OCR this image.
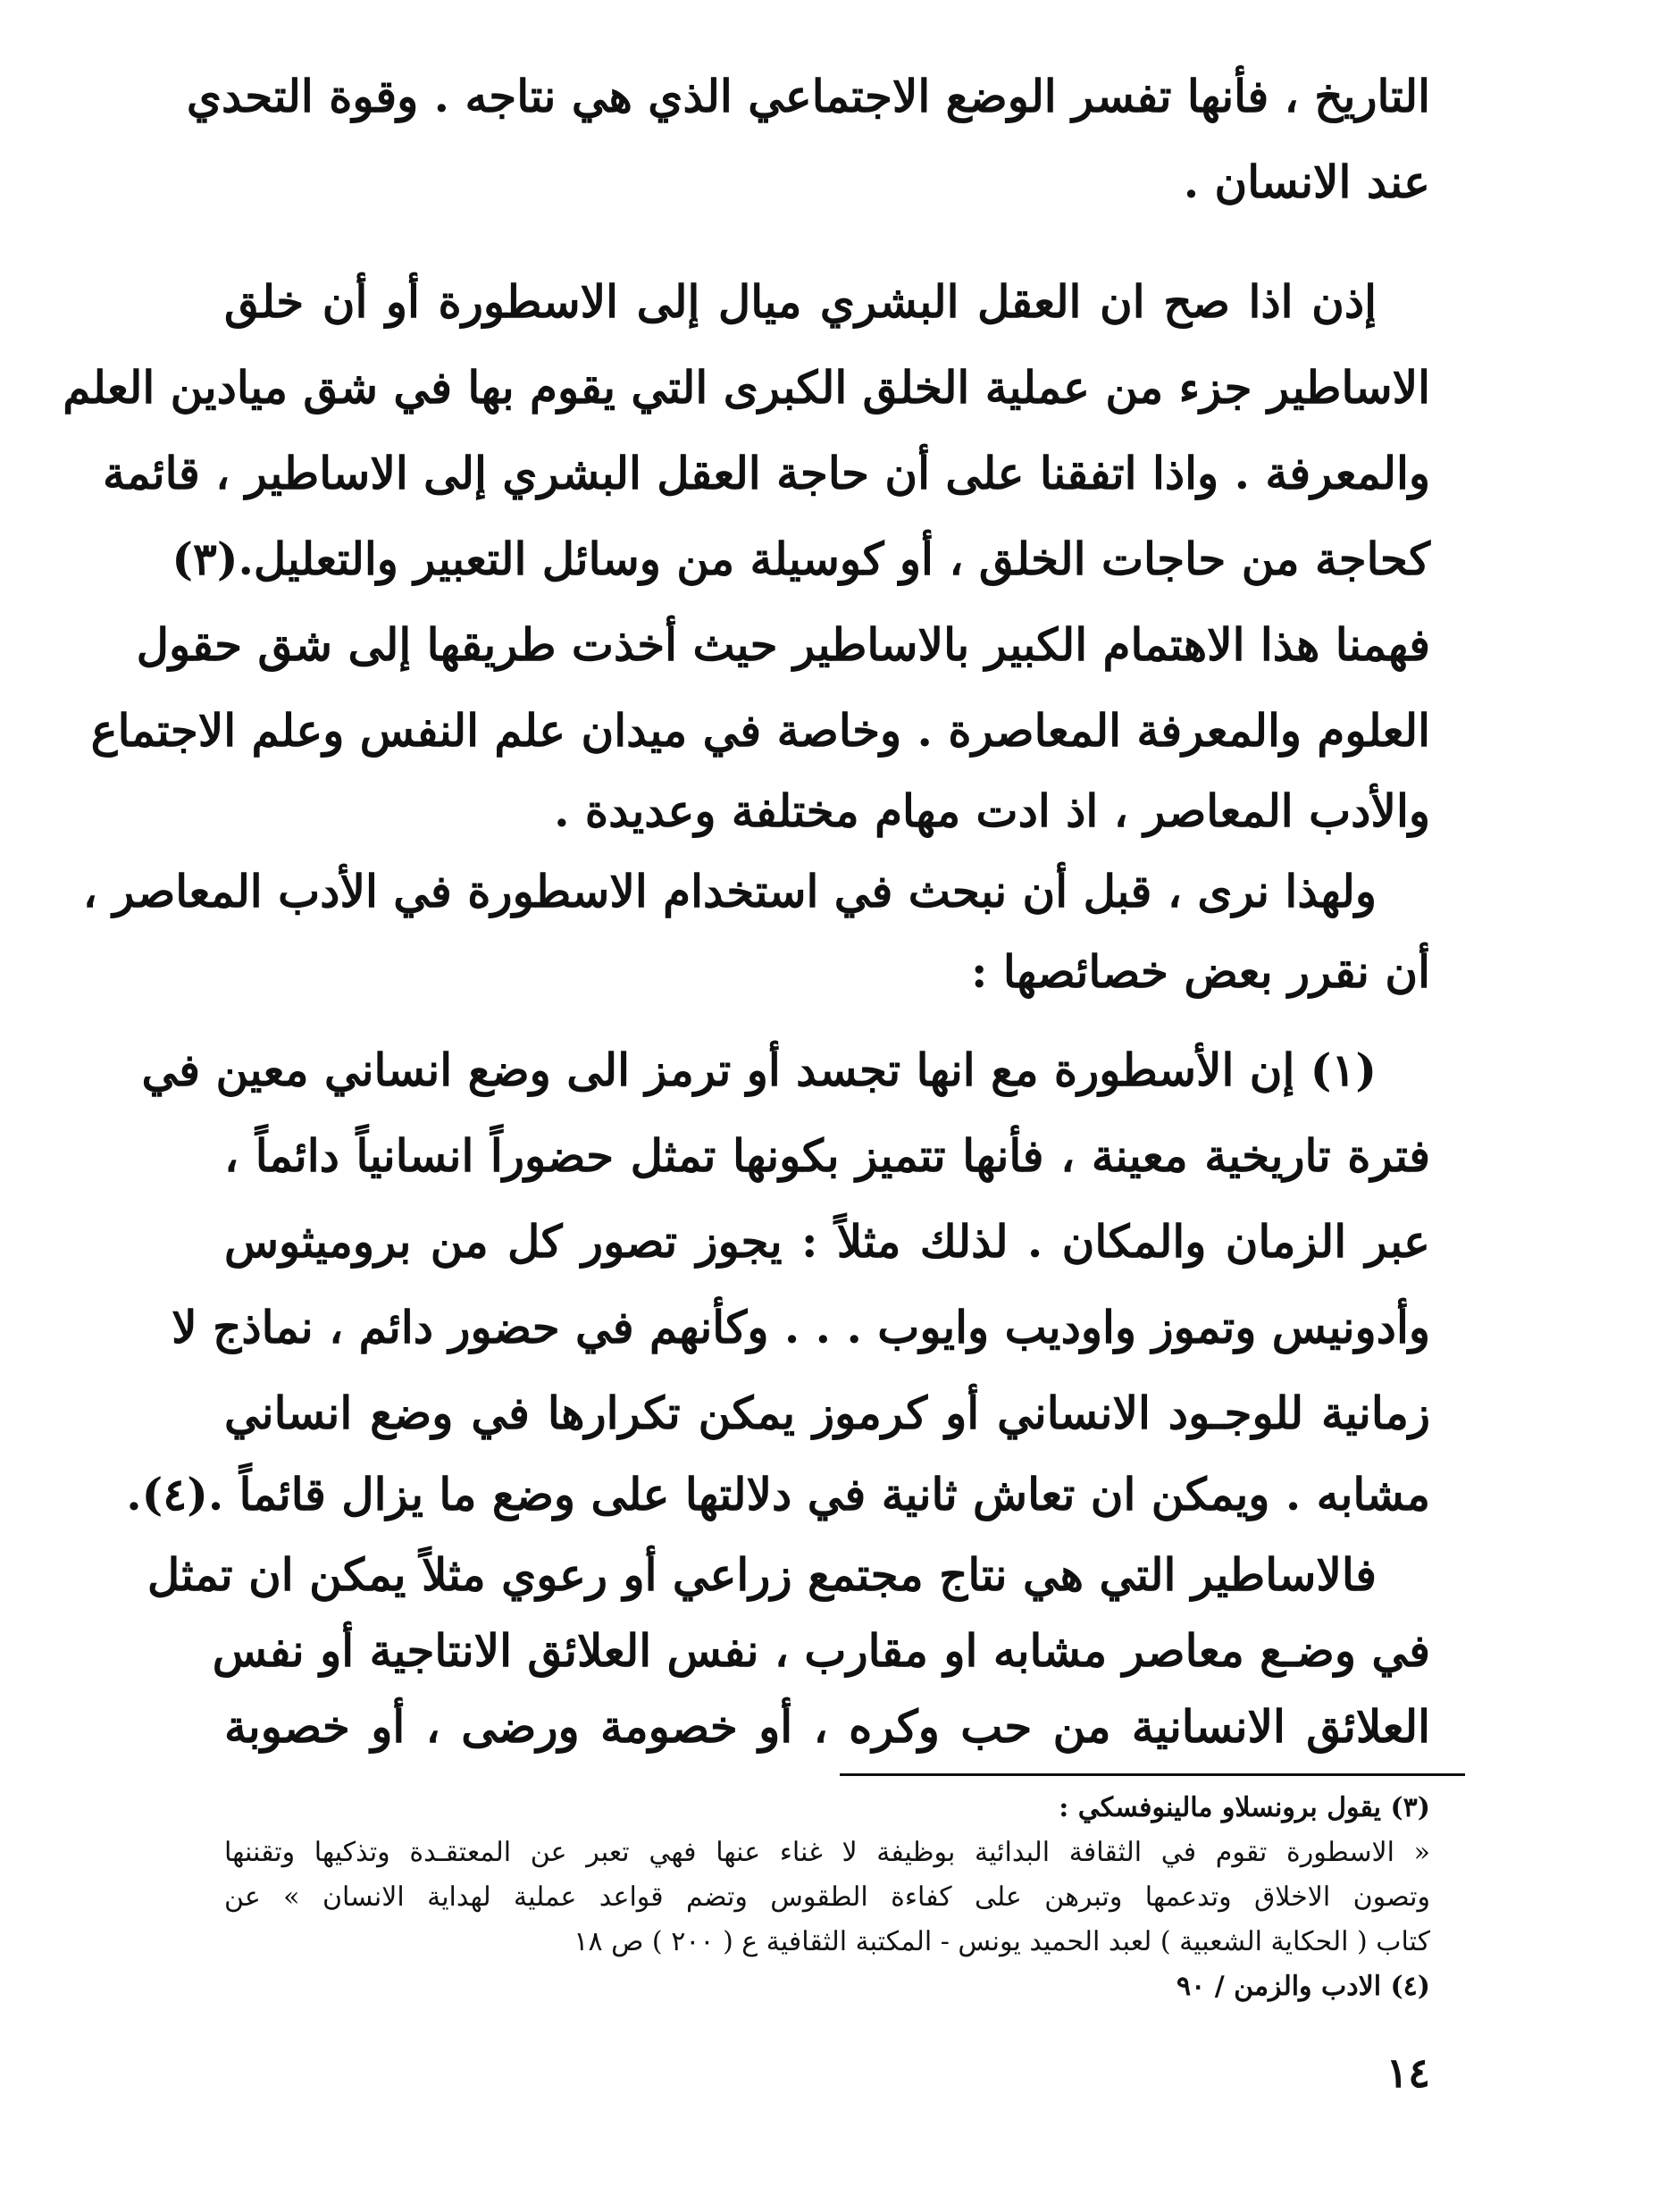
التاريخ ، فأنها تفسر الوضع الاجتماعي الذي هي نتاجه . وقوة التحدي
عند الانسان .
إذن اذا صح ان العقل البشري ميال إلى الاسطورة أو أن خلق
الاساطير جزء من عملية الخلق الكبرى التي يقوم بها في شق ميادين العلم
والمعرفة . واذا اتفقنا على أن حاجة العقل البشري إلى الاساطير ، قائمة
كحاجة من حاجات الخلق ، أو كوسيلة من وسائل التعبير والتعليل.(٣)
فهمنا هذا الاهتمام الكبير بالاساطير حيث أخذت طريقها إلى شق حقول
العلوم والمعرفة المعاصرة . وخاصة في ميدان علم النفس وعلم الاجتماع
والأدب المعاصر ، اذ ادت مهام مختلفة وعديدة .
ولهذا نرى ، قبل أن نبحث في استخدام الاسطورة في الأدب المعاصر ،
أن نقرر بعض خصائصها :
(١) إن الأسطورة مع انها تجسد أو ترمز الى وضع انساني معين في
فترة تاريخية معينة ، فأنها تتميز بكونها تمثل حضوراً انسانياً دائماً ،
عبر الزمان والمكان . لذلك مثلاً : يجوز تصور كل من بروميثوس
وأدونيس وتموز واوديب وايوب . . . وكأنهم في حضور دائم ، نماذج لا
زمانية للوجـود الانساني أو كرموز يمكن تكرارها في وضع انساني
مشابه . ويمكن ان تعاش ثانية في دلالتها على وضع ما يزال قائماً .(٤).
فالاساطير التي هي نتاج مجتمع زراعي أو رعوي مثلاً يمكن ان تمثل
في وضـع معاصر مشابه او مقارب ، نفس العلائق الانتاجية أو نفس
العلائق الانسانية من حب وكره ، أو خصومة ورضى ، أو خصوبة
(٣) يقول برونسلاو مالينوفسكي :
« الاسطورة تقوم في الثقافة البدائية بوظيفة لا غناء عنها فهي تعبر عن المعتقـدة وتذكيها وتقننها
وتصون الاخلاق وتدعمها وتبرهن على كفاءة الطقوس وتضم قواعد عملية لهداية الانسان » عن
كتاب ( الحكاية الشعبية ) لعبد الحميد يونس - المكتبة الثقافية ع ( ٢٠٠ ) ص ١٨
(٤) الادب والزمن / ٩٠
١٤
